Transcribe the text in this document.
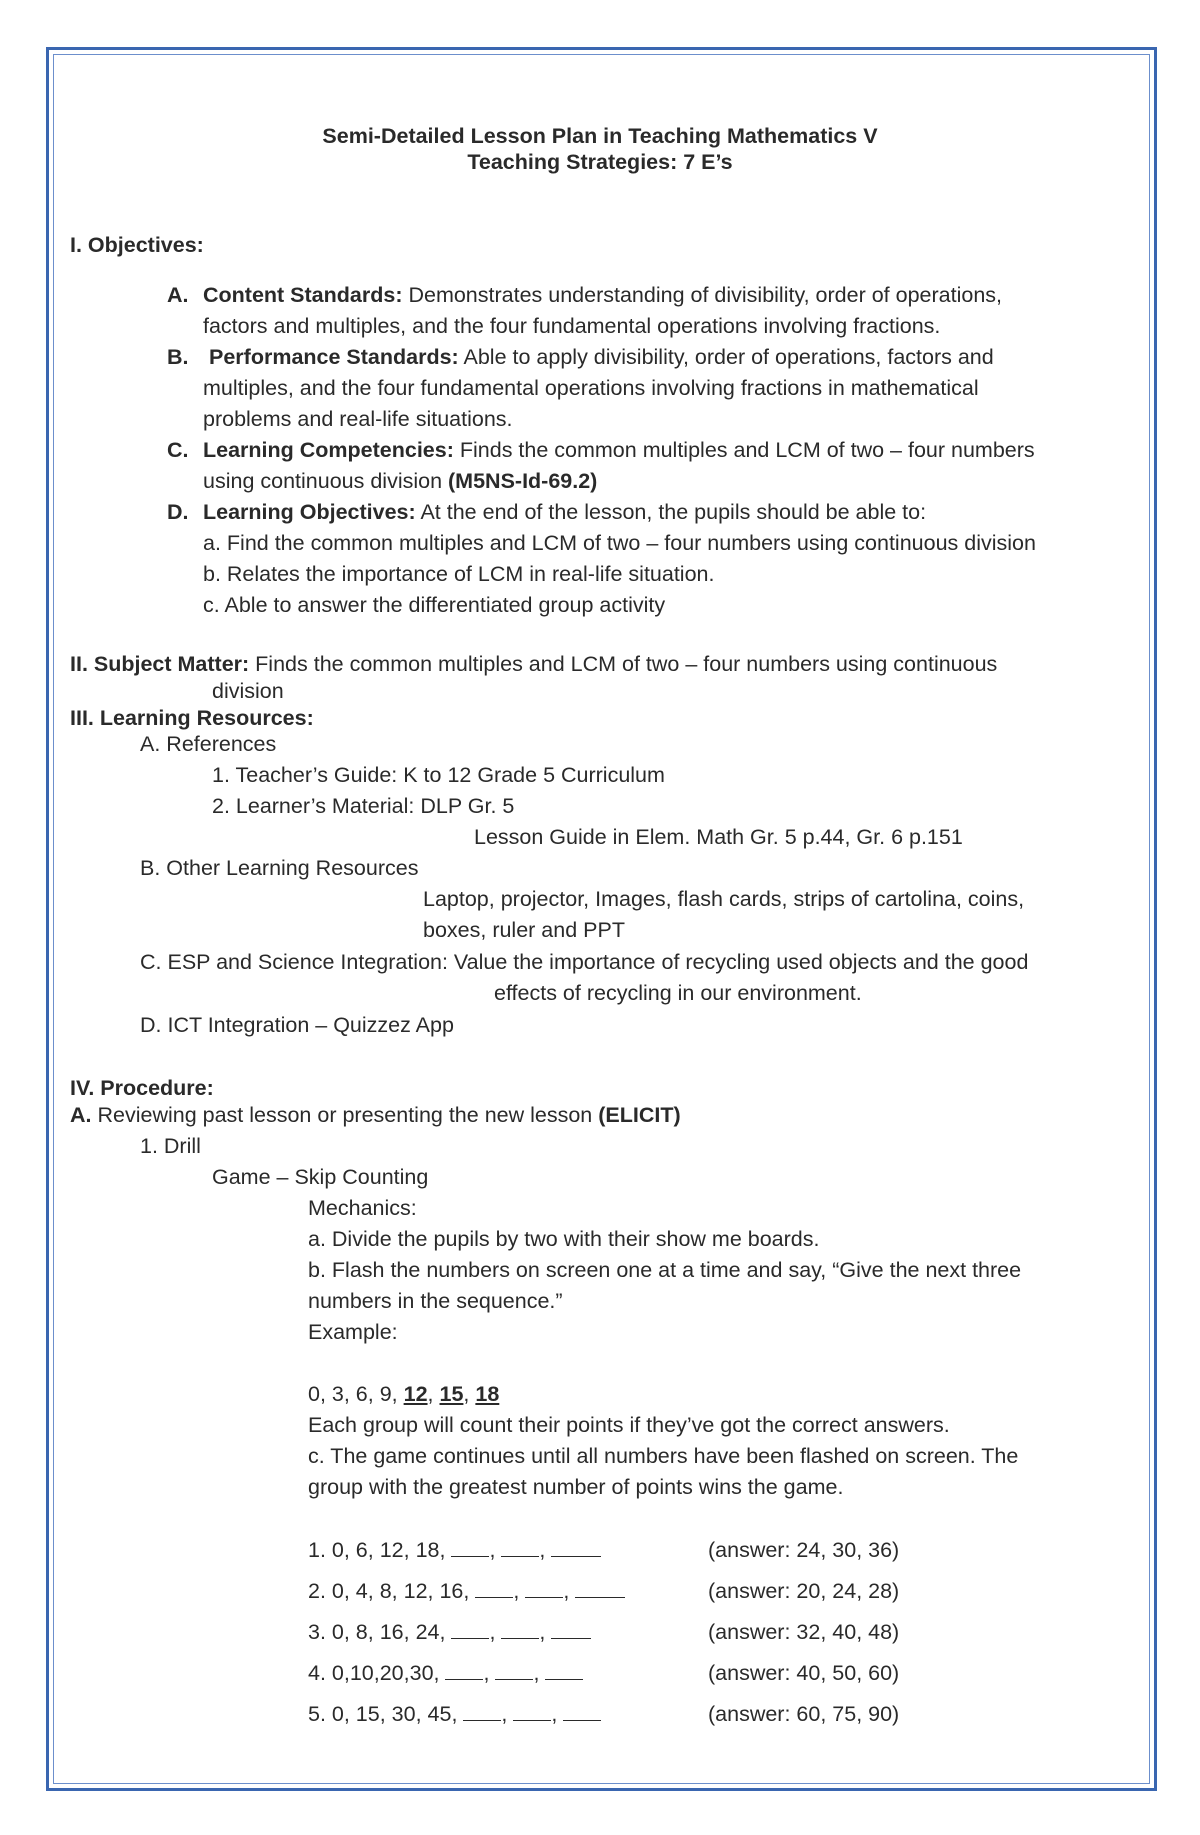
Semi-Detailed Lesson Plan in Teaching Mathematics V
Teaching Strategies: 7 E’s
I. Objectives:
A. Content Standards: Demonstrates understanding of divisibility, order of operations,
factors and multiples, and the four fundamental operations involving fractions.
B. Performance Standards: Able to apply divisibility, order of operations, factors and
multiples, and the four fundamental operations involving fractions in mathematical
problems and real-life situations.
C. Learning Competencies: Finds the common multiples and LCM of two – four numbers
using continuous division (M5NS-Id-69.2)
D. Learning Objectives: At the end of the lesson, the pupils should be able to:
a. Find the common multiples and LCM of two – four numbers using continuous division
b. Relates the importance of LCM in real-life situation.
c. Able to answer the differentiated group activity
II. Subject Matter: Finds the common multiples and LCM of two – four numbers using continuous
division
III. Learning Resources:
A. References
1. Teacher’s Guide: K to 12 Grade 5 Curriculum
2. Learner’s Material: DLP Gr. 5
Lesson Guide in Elem. Math Gr. 5 p.44, Gr. 6 p.151
B. Other Learning Resources
Laptop, projector, Images, flash cards, strips of cartolina, coins,
boxes, ruler and PPT
C. ESP and Science Integration: Value the importance of recycling used objects and the good
effects of recycling in our environment.
D. ICT Integration – Quizzez App
IV. Procedure:
A. Reviewing past lesson or presenting the new lesson (ELICIT)
1. Drill
Game – Skip Counting
Mechanics:
a. Divide the pupils by two with their show me boards.
b. Flash the numbers on screen one at a time and say, “Give the next three
numbers in the sequence.”
Example:
0, 3, 6, 9, 12, 15, 18
Each group will count their points if they’ve got the correct answers.
c. The game continues until all numbers have been flashed on screen. The
group with the greatest number of points wins the game.
1. 0, 6, 12, 18, , ,	(answer: 24, 30, 36)
2. 0, 4, 8, 12, 16, , ,	(answer: 20, 24, 28)
3. 0, 8, 16, 24, , ,	(answer: 32, 40, 48)
4. 0,10,20,30, , ,	(answer: 40, 50, 60)
5. 0, 15, 30, 45, , ,	(answer: 60, 75, 90)
